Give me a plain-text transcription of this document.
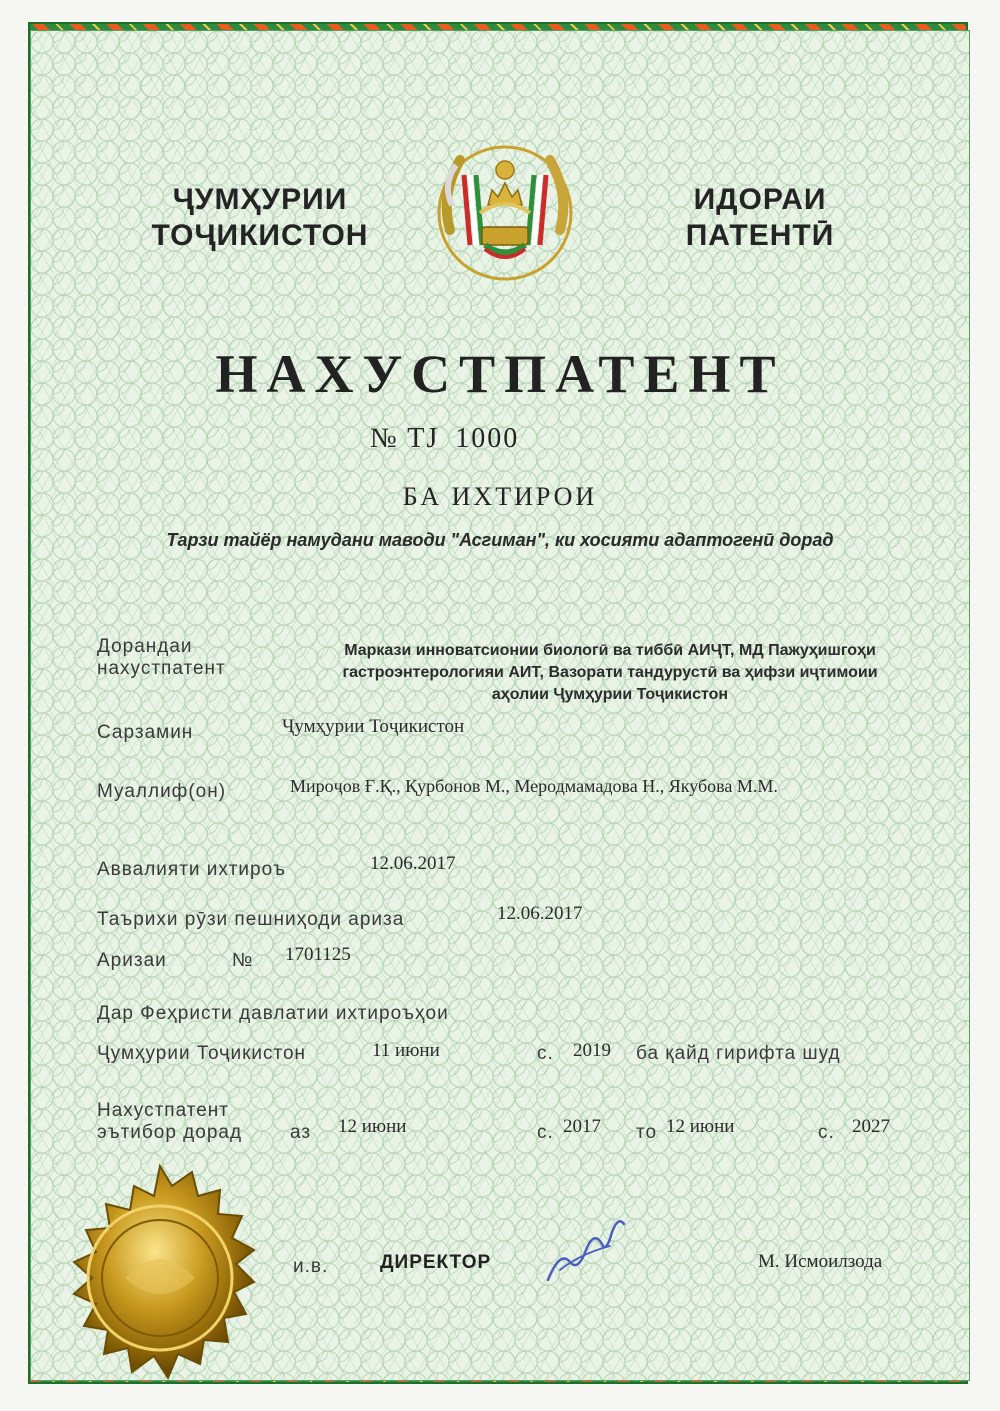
ҶУМҲУРИИ
ТОҶИКИСТОН
ИДОРАИ
ПАТЕНТӢ
НАХУСТПАТЕНТ
№ TJ 1000
БА ИХТИРОИ
Тарзи тайёр намудани маводи "Асгиман", ки хосияти адаптогенӣ дорад
Дорандаи
нахустпатент
Маркази инноватсионии биологӣ ва тиббӣ АИҶТ, МД Пажуҳишгоҳи
гастроэнтерологияи АИТ, Вазорати тандурустӣ ва ҳифзи иҷтимоии
аҳолии Ҷумҳурии Тоҷикистон
Сарзамин	Ҷумҳурии Тоҷикистон
Муаллиф(он)	Мироҷов Ғ.Қ., Қурбонов М., Меродмамадова Н., Якубова М.М.
Аввалияти ихтироъ	12.06.2017
Таърихи рӯзи пешниҳоди ариза	12.06.2017
Аризаи	№ 1701125
Дар Феҳристи давлатии ихтироъҳои
Ҷумҳурии Тоҷикистон	11 июни	с. 2019 ба қайд гирифта шуд
Нахустпатент
эътибор дорад	аз 12 июни	с. 2017 то 12 июни	с. 2027
и.в.	ДИРЕКТОР	М. Исмоилзода
